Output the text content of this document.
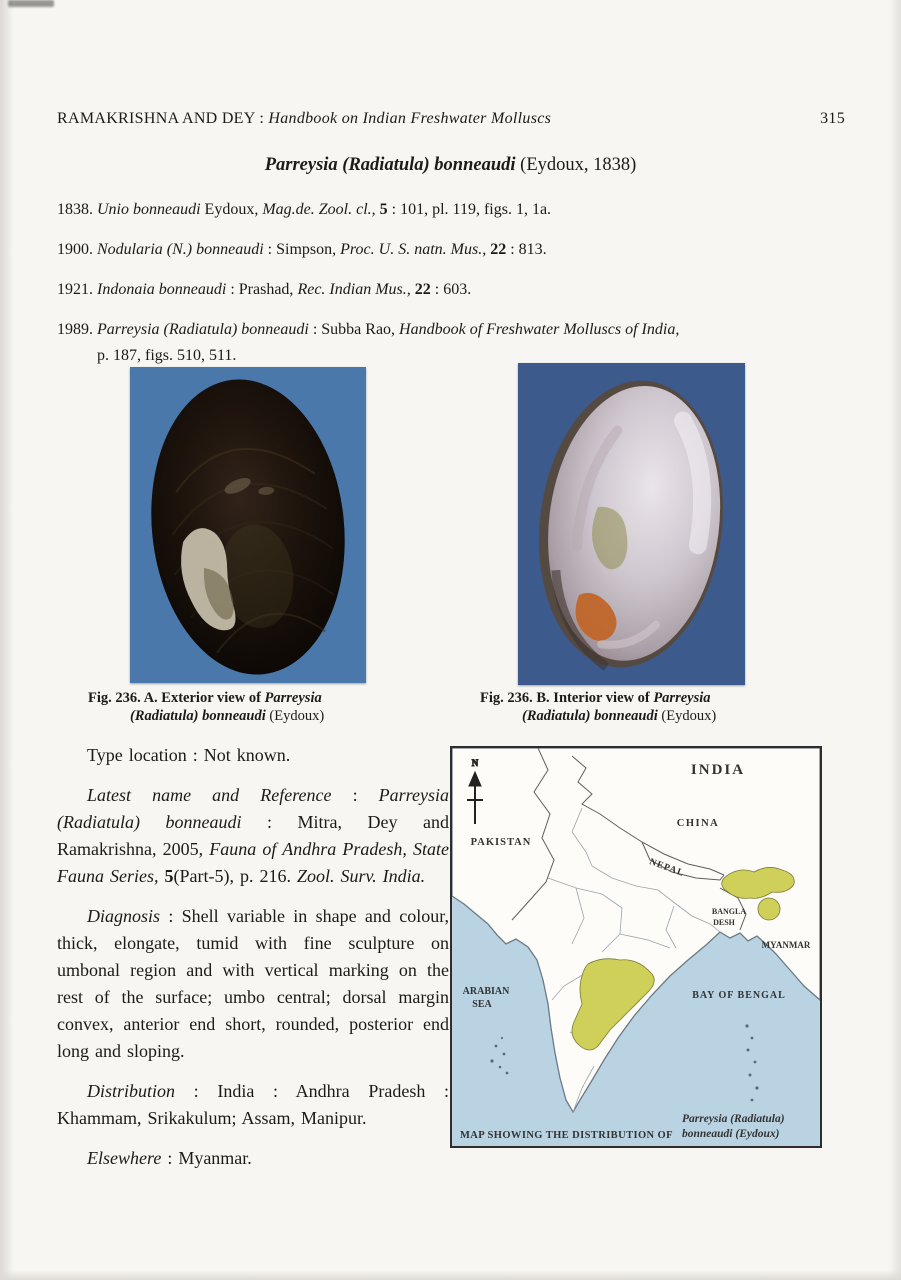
RAMAKRISHNA AND DEY : Handbook on Indian Freshwater Molluscs	315
Parreysia (Radiatula) bonneaudi (Eydoux, 1838)
1838. Unio bonneaudi Eydoux, Mag.de. Zool. cl., 5 : 101, pl. 119, figs. 1, 1a.
1900. Nodularia (N.) bonneaudi : Simpson, Proc. U. S. natn. Mus., 22 : 813.
1921. Indonaia bonneaudi : Prashad, Rec. Indian Mus., 22 : 603.
1989. Parreysia (Radiatula) bonneaudi : Subba Rao, Handbook of Freshwater Molluscs of India,
p. 187, figs. 510, 511.
Fig. 236. A. Exterior view of Parreysia
(Radiatula) bonneaudi (Eydoux)
Fig. 236. B. Interior view of Parreysia
(Radiatula) bonneaudi (Eydoux)

Type location : Not known.

Latest name and Reference : Parreysia (Radiatula) bonneaudi : Mitra, Dey and Ramakrishna, 2005, Fauna of Andhra Pradesh, State Fauna Series, 5(Part-5), p. 216. Zool. Surv. India.

Diagnosis : Shell variable in shape and colour, thick, elongate, tumid with fine sculpture on umbonal region and with vertical marking on the rest of the surface; umbo central; dorsal margin convex, anterior end short, rounded, posterior end long and sloping.

Distribution : India : Andhra Pradesh : Khammam, Srikakulum; Assam, Manipur.

Elsewhere : Myanmar.

N	INDIA
CHINA
PAKISTAN
NEPAL
BANGLA
DESH
MYANMAR
ARABIAN
SEA
BAY OF BENGAL
MAP SHOWING THE DISTRIBUTION OF
Parreysia (Radiatula)
bonneaudi (Eydoux)
